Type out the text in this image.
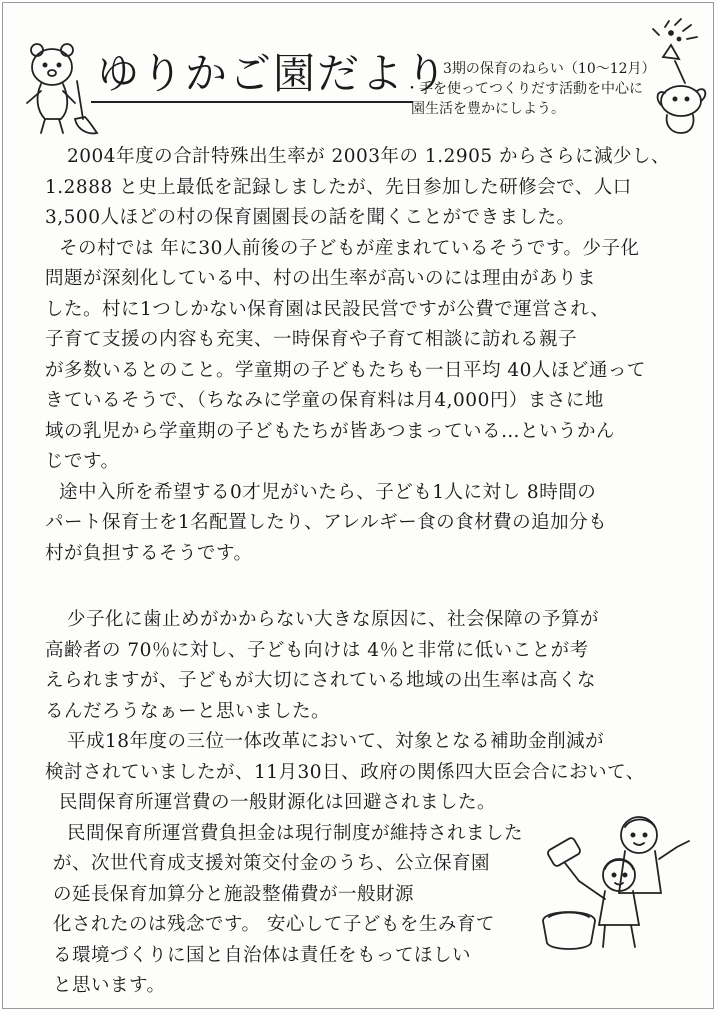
ゆりかご園だより
3期の保育のねらい（10〜12月）
・手を使ってつくりだす活動を中心に
園生活を豊かにしよう。
2004年度の合計特殊出生率が 2003年の 1.2905 からさらに減少し、
1.2888 と史上最低を記録しましたが、先日参加した研修会で、人口
3,500人ほどの村の保育園園長の話を聞くことができました。
その村では 年に30人前後の子どもが産まれているそうです。少子化
問題が深刻化している中、村の出生率が高いのには理由がありま
した。村に1つしかない保育園は民設民営ですが公費で運営され、
子育て支援の内容も充実、一時保育や子育て相談に訪れる親子
が多数いるとのこと。学童期の子どもたちも一日平均 40人ほど通って
きているそうで、（ちなみに学童の保育料は月4,000円）まさに地
域の乳児から学童期の子どもたちが皆あつまっている…というかん
じです。
途中入所を希望する0才児がいたら、子ども1人に対し 8時間の
パート保育士を1名配置したり、アレルギー食の食材費の追加分も
村が負担するそうです。
少子化に歯止めがかからない大きな原因に、社会保障の予算が
高齢者の 70％に対し、子ども向けは 4％と非常に低いことが考
えられますが、子どもが大切にされている地域の出生率は高くな
るんだろうなぁーと思いました。
平成18年度の三位一体改革において、対象となる補助金削減が
検討されていましたが、11月30日、政府の関係四大臣会合において、
民間保育所運営費の一般財源化は回避されました。
民間保育所運営費負担金は現行制度が維持されました
が、次世代育成支援対策交付金のうち、公立保育園
の延長保育加算分と施設整備費が一般財源
化されたのは残念です。 安心して子どもを生み育て
る環境づくりに国と自治体は責任をもってほしい
と思います。
